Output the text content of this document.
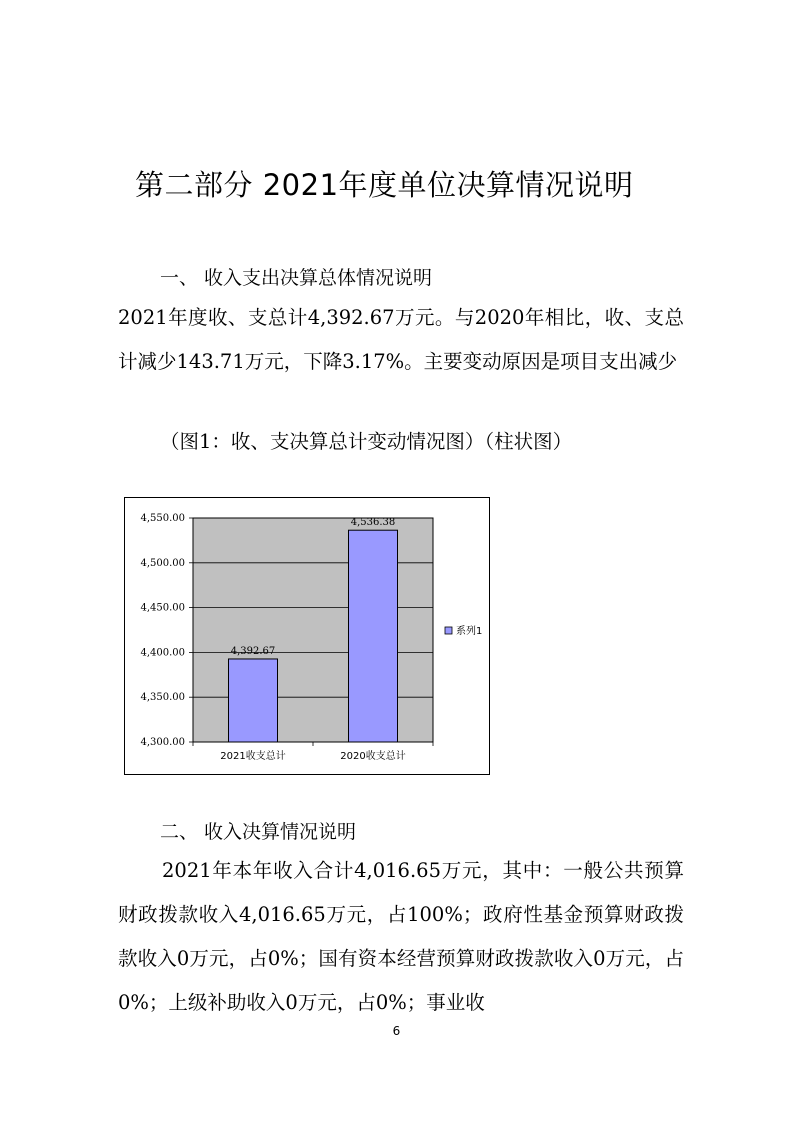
第二部分 2021年度单位决算情况说明
一、 收入支出决算总体情况说明
2021年度收、支总计4,392.67万元。与2020年相比，收、支总计减少143.71万元，下降3.17%。主要变动原因是项目支出减少
（图1：收、支决算总计变动情况图）（柱状图）
4,300.00
4,350.00
4,400.00
4,450.00
4,500.00
4,550.00
4,392.67
4,536.38
2021收支总计	2020收支总计
系列1
二、 收入决算情况说明
2021年本年收入合计4,016.65万元，其中：一般公共预算财政拨款收入4,016.65万元，占100%；政府性基金预算财政拨款收入0万元，占0%；国有资本经营预算财政拨款收入0万元，占0%；上级补助收入0万元，占0%；事业收
6
